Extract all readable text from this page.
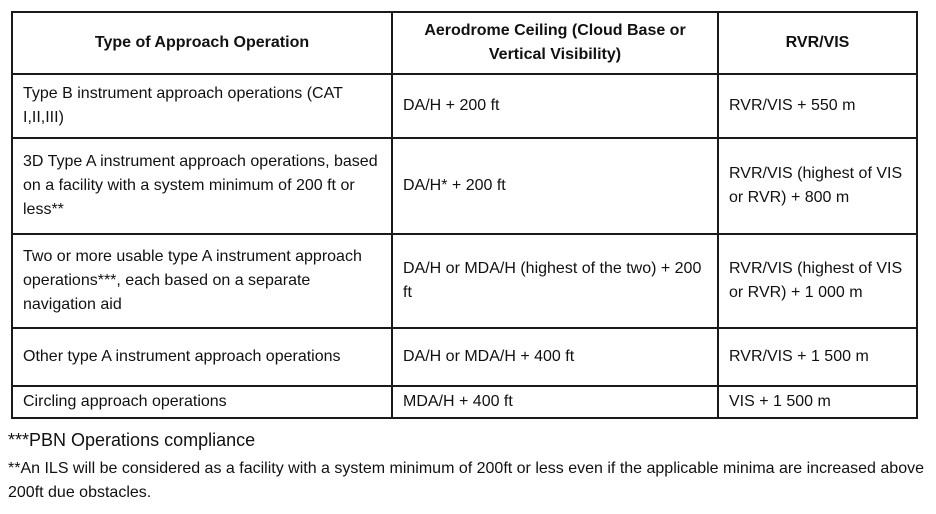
Type of Approach Operation	Aerodrome Ceiling (Cloud Base or Vertical Visibility)	RVR/VIS
Type B instrument approach operations (CAT I,II,III)	DA/H + 200 ft	RVR/VIS + 550 m
3D Type A instrument approach operations, based on a facility with a system minimum of 200 ft or less**	DA/H* + 200 ft	RVR/VIS (highest of VIS or RVR) + 800 m
Two or more usable type A instrument approach operations***, each based on a separate navigation aid	DA/H or MDA/H (highest of the two) + 200 ft	RVR/VIS (highest of VIS or RVR) + 1 000 m
Other type A instrument approach operations	DA/H or MDA/H + 400 ft	RVR/VIS + 1 500 m
Circling approach operations	MDA/H + 400 ft	VIS + 1 500 m
***PBN Operations compliance
**An ILS will be considered as a facility with a system minimum of 200ft or less even if the applicable minima are increased above 200ft due obstacles.
